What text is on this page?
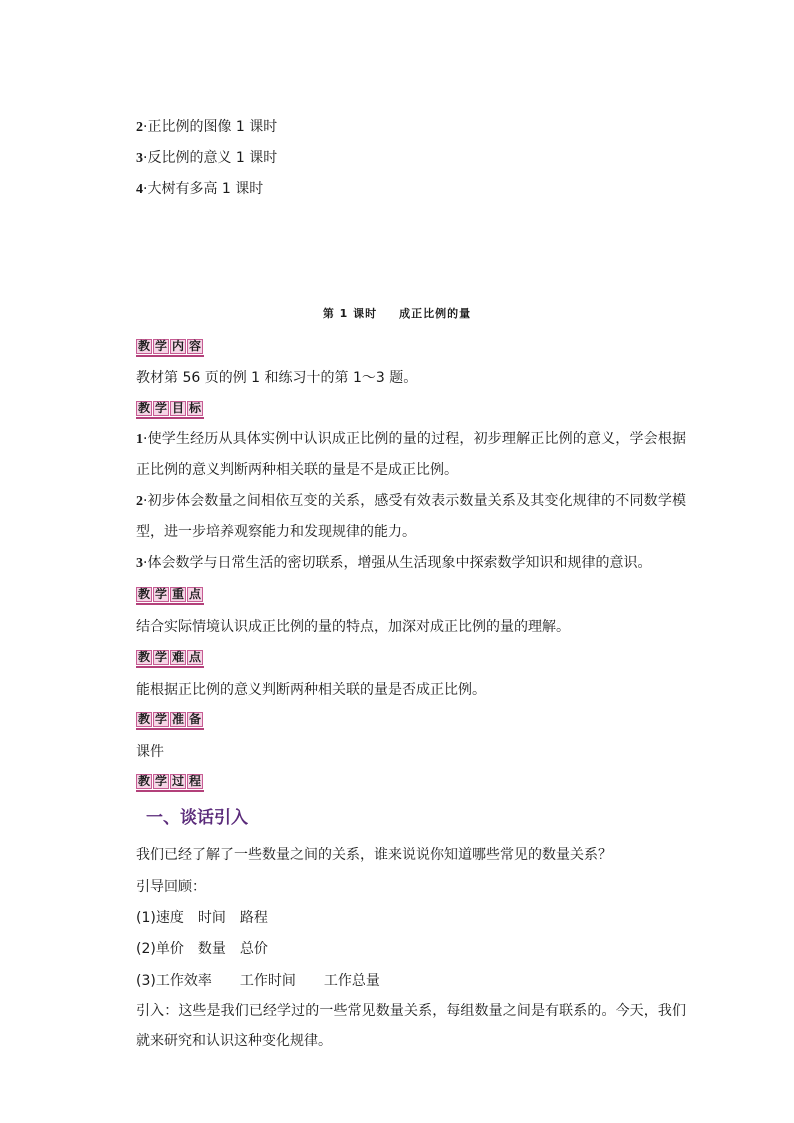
2·正比例的图像 1 课时
3·反比例的意义 1 课时
4·大树有多高 1 课时
第 1 课时 成正比例的量
教 学 内 容
教材第 56 页的例 1 和练习十的第 1～3 题。
教 学 目 标
1·使学生经历从具体实例中认识成正比例的量的过程，初步理解正比例的意义，学会根据正比例的意义判断两种相关联的量是不是成正比例。
2·初步体会数量之间相依互变的关系，感受有效表示数量关系及其变化规律的不同数学模型，进一步培养观察能力和发现规律的能力。
3·体会数学与日常生活的密切联系，增强从生活现象中探索数学知识和规律的意识。
教 学 重 点
结合实际情境认识成正比例的量的特点，加深对成正比例的量的理解。
教 学 难 点
能根据正比例的意义判断两种相关联的量是否成正比例。
教 学 准 备
课件
教 学 过 程
一、谈话引入
我们已经了解了一些数量之间的关系，谁来说说你知道哪些常见的数量关系？
引导回顾：
(1)速度　时间　路程
(2)单价　数量　总价
(3)工作效率　　工作时间　　工作总量
引入：这些是我们已经学过的一些常见数量关系，每组数量之间是有联系的。今天，我们就来研究和认识这种变化规律。
